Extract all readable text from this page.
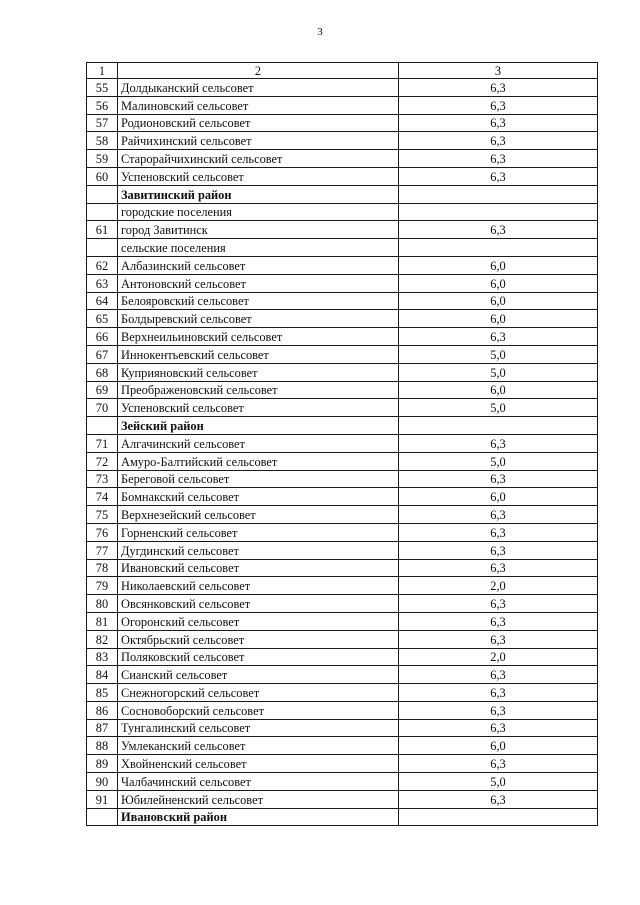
3
1	2	3
55	Долдыканский сельсовет	6,3
56	Малиновский сельсовет	6,3
57	Родионовский сельсовет	6,3
58	Райчихинский сельсовет	6,3
59	Старорайчихинский сельсовет	6,3
60	Успеновский сельсовет	6,3
	Завитинский район	
	городские поселения	
61	город Завитинск	6,3
	сельские поселения	
62	Албазинский сельсовет	6,0
63	Антоновский сельсовет	6,0
64	Белояровский сельсовет	6,0
65	Болдыревский сельсовет	6,0
66	Верхнеильиновский сельсовет	6,3
67	Иннокентьевский сельсовет	5,0
68	Куприяновский сельсовет	5,0
69	Преображеновский сельсовет	6,0
70	Успеновский сельсовет	5,0
	Зейский район	
71	Алгачинский сельсовет	6,3
72	Амуро-Балтийский сельсовет	5,0
73	Береговой сельсовет	6,3
74	Бомнакский сельсовет	6,0
75	Верхнезейский сельсовет	6,3
76	Горненский сельсовет	6,3
77	Дугдинский сельсовет	6,3
78	Ивановский сельсовет	6,3
79	Николаевский сельсовет	2,0
80	Овсянковский сельсовет	6,3
81	Огоронский сельсовет	6,3
82	Октябрьский сельсовет	6,3
83	Поляковский сельсовет	2,0
84	Сианский сельсовет	6,3
85	Снежногорский сельсовет	6,3
86	Сосновоборский сельсовет	6,3
87	Тунгалинский сельсовет	6,3
88	Умлеканский сельсовет	6,0
89	Хвойненский сельсовет	6,3
90	Чалбачинский сельсовет	5,0
91	Юбилейненский сельсовет	6,3
	Ивановский район	
